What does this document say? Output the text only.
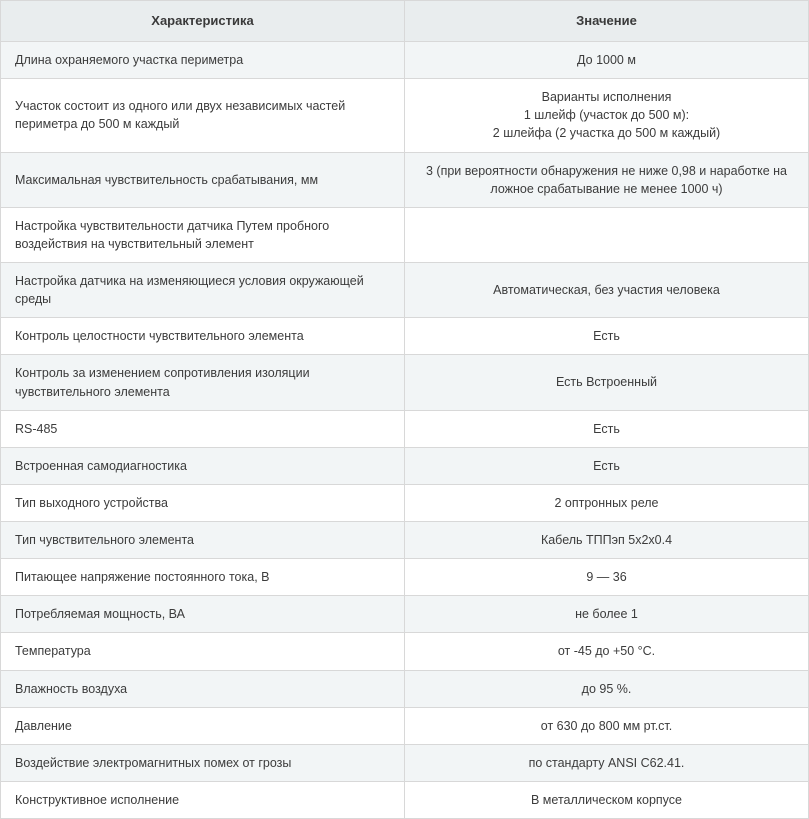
Характеристика	Значение
Длина охраняемого участка периметра	До 1000 м

Участок состоит из одного или двух независимых частей периметра до 500 м каждый	Варианты исполнения
1 шлейф (участок до 500 м):
2 шлейфа (2 участка до 500 м каждый)

Максимальная чувствительность срабатывания, мм	3 (при вероятности обнаружения не ниже 0,98 и наработке на
ложное срабатывание не менее 1000 ч)

Настройка чувствительности датчика Путем пробного воздействия на чувствительный элемент	

Настройка датчика на изменяющиеся условия окружающей среды	Автоматическая, без участия человека

Контроль целостности чувствительного элемента	Есть

Контроль за изменением сопротивления изоляции чувствительного элемента	Есть Встроенный

RS-485	Есть

Встроенная самодиагностика	Есть

Тип выходного устройства	2 оптронных реле

Тип чувствительного элемента	Кабель ТППэп 5х2х0.4

Питающее напряжение постоянного тока, В	9 — 36

Потребляемая мощность, ВА	не более 1

Температура	от -45 до +50 °C.

Влажность воздуха	до 95 %.

Давление	от 630 до 800 мм рт.ст.

Воздействие электромагнитных помех от грозы	по стандарту ANSI C62.41.

Конструктивное исполнение	В металлическом корпусе
